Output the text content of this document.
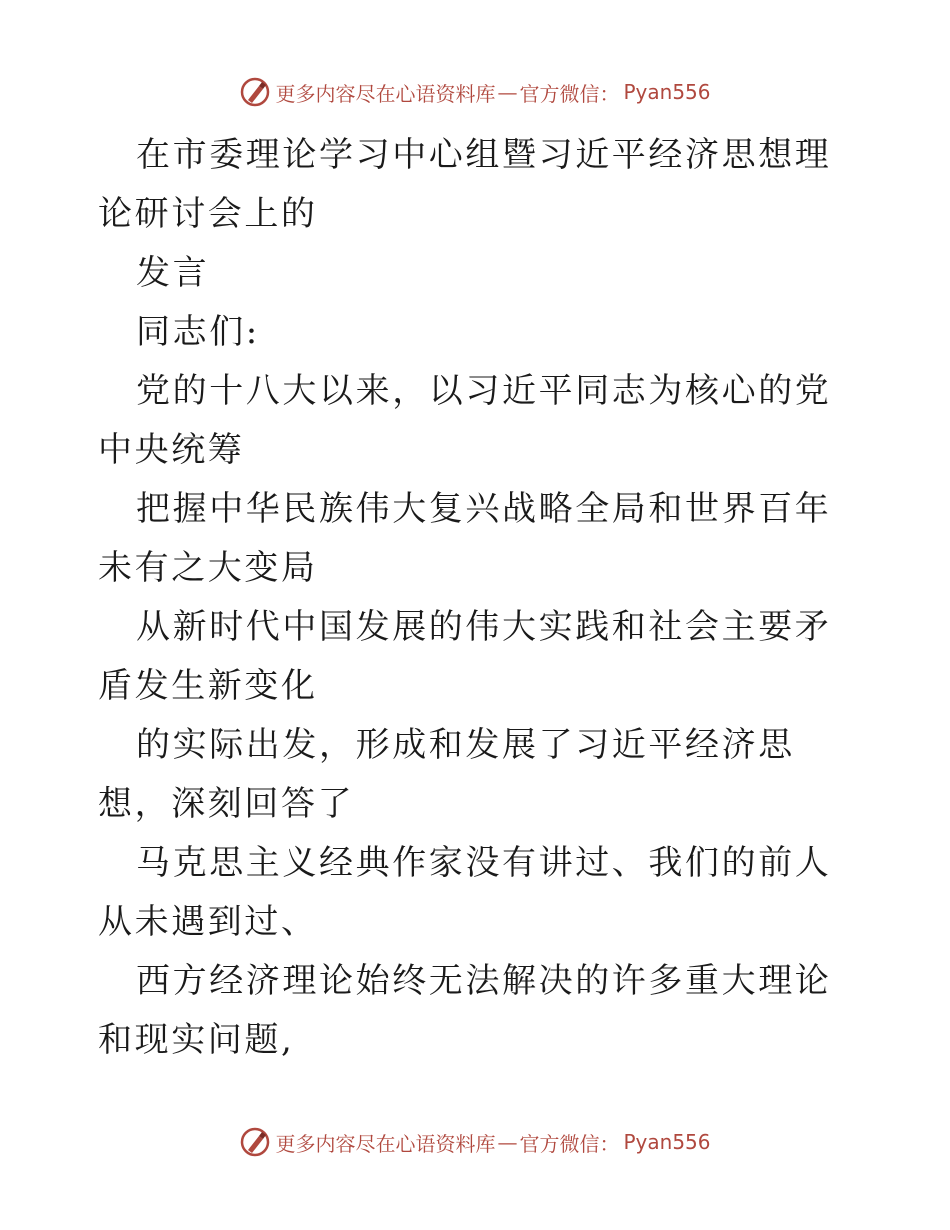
更多内容尽在心语资料库 — 官方微信： Pyan556

在市委理论学习中心组暨习近平经济思想理论研讨会上的

发言

同志们:

党的十八大以来，以习近平同志为核心的党中央统筹

把握中华民族伟大复兴战略全局和世界百年未有之大变局

从新时代中国发展的伟大实践和社会主要矛盾发生新变化

的实际出发，形成和发展了习近平经济思想，深刻回答了

马克思主义经典作家没有讲过、我们的前人从未遇到过、

西方经济理论始终无法解决的许多重大理论和现实问题,

更多内容尽在心语资料库 — 官方微信： Pyan556
